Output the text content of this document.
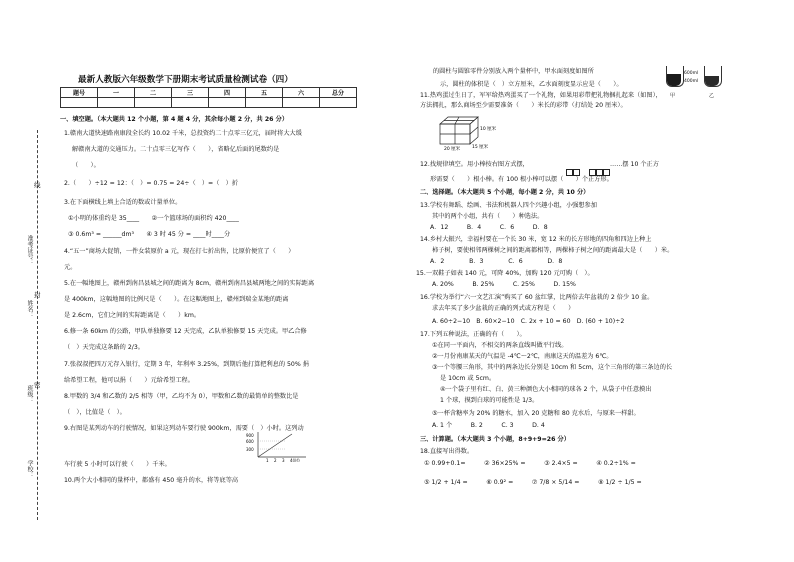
准考证号：
姓名：
班级：
学校：
线
封
密
最新人教版六年级数学下册期末考试质量检测试卷（四）
题号	一	二	三	四	五	六	总分

一、填空题。（本大题共 12 个小题，第 4 题 4 分，其余每小题 2 分，共 26 分）
1.赣南大道快速路南康段全长约 10.02 千米，总投资约二十点零三亿元，届时将大大缓
解赣南大道的交通压力。二十点零三亿写作（　　），省略亿后面的尾数约是
（　　）。
2.（　　）÷12 = 12：（　）= 0.75 = 24÷（　）=（　）折
3.在下面横线上填上合适的数或计量单位。
①小明的体重约是 35____　　②一个篮球场的面积约 420____
③ 0.6m³ = ______dm³　　④ 3 时 45 分 = ____时____分
4.“五一”商场大促销，一件女装原价 a 元，现在打七折出售，比原价便宜了（　　）
元。
5.在一幅地图上，赣州到南昌县城之间的距离为 8cm，赣州到南昌县城两地之间的实际距离
是 400km，这幅地图的比例尺是（　　）。在这幅地图上，赣州到瑞金某地的距离
是 2.6cm，它们之间的实际距离是（　　）km。
6.修一条 60km 的公路，甲队单独修要 12 天完成，乙队单独修要 15 天完成。甲乙合修
（　）天完成这条路的 2/3。
7.张叔叔把四万元存入银行，定期 3 年，年利率 3.25%，到期后他打算把利息的 50% 捐
给希望工程，他可以捐（　　）元给希望工程。
8.甲数的 3/4 和乙数的 2/5 相等（甲，乙均不为 0），甲数和乙数的最简单的整数比是
（　），比值是（　）。
9.右图是某列动车的行驶情况，如果这列动车要行驶 900km，需要（　）小时。这列动
车行驶 5 小时可以行驶（　　）千米。
10.两个大小相同的量杯中，都盛有 450 毫升的水，将等底等高
900
600
300
1 2 3 4(时)
的圆柱与圆锥零件分别放入两个量杯中，甲水面刻度如图所
示，圆柱的体积是（　）立方厘米，乙水面刻度显示应是（　　）。
11.热鸡蛋过生日了，军军给热鸡蛋买了一个礼物，如果用彩带把礼物捆扎起来（如图），
方法拥扎，那么商场至少需要准备（　　）米长的彩带（打结处 20 厘米）。
12.找规律填空。用小棒按右图方式摆，
	……摆 10 个正方
形需要（　　）根小棒。有 100 根小棒可以摆（　　）个正方形。
二、选择题。（本大题共 5 个小题，每小题 2 分，共 10 分）
13.学校有舞蹈、绘画、书法和机器人四个兴趣小组，小强想参加
其中的两个小组，共有（　　）种选法。
A．12　　　B．4　　　C．6　　　D．8
14.乡村大振兴，幸福村要在一个长 30 米，宽 12 米的长方形地的四角和四边上种上
柿子树，要使相邻两棵树之间的距离都相等，两棵柿子树之间的距离最大是（　　）米。
A．2　　　　B．3　　　　C．6　　　　D．8
15.一双鞋子如表 140 元，可降 40%，加购 120 元可购（　）。
A. 20%　　　B. 25%　　　C. 25%　　　D. 15%
16.学校为举行“六一文艺汇演”购买了 60 盆红掌，比两倍去年盆栽的 2 倍少 10 盆。
求去年买了多少盆栽的正确的列式或方程是（　　）
A. 60÷2−10　B. 60×2−10　C. 2x + 10 = 60　D. (60 + 10)÷2
17.下列五种说法，正确的有（　　）。
①在同一平面内，不相交的两条直线叫做平行线。
②一月份南康某天的气温是 -4℃～2℃，南康这天的温差为 6℃。
③一个等腰三角形，其中的两条边长分别是 10cm 和 5cm，这个三角形的第三条边的长
是 10cm 或 5cm。
④一个袋子里有红、白、黄三种颜色大小相同的球各 2 个，从袋子中任意摸出
1 个球，摸到白球的可能性是 1/3。
⑤一杯含糖率为 20% 的糖水，加入 20 克糖和 80 克水后，与原来一样甜。
A. 1 个　　　B. 2　　　C. 3　　　D. 4
三、计算题。（本大题共 3 个小题，8+9+9=26 分）
18.直接写出得数。
① 0.99+0.1=　　　② 36×25% =　　　③ 2.4×5 =　　　④ 0.2÷1% =
⑤ 1/2 + 1/4 =　　　⑥ 0.9² =　　　⑦ 7/8 × 5/14 =　　　⑧ 1/2 ÷ 1/5 =
600ml
400ml
甲	乙
10 厘米
20 厘米	15 厘米
